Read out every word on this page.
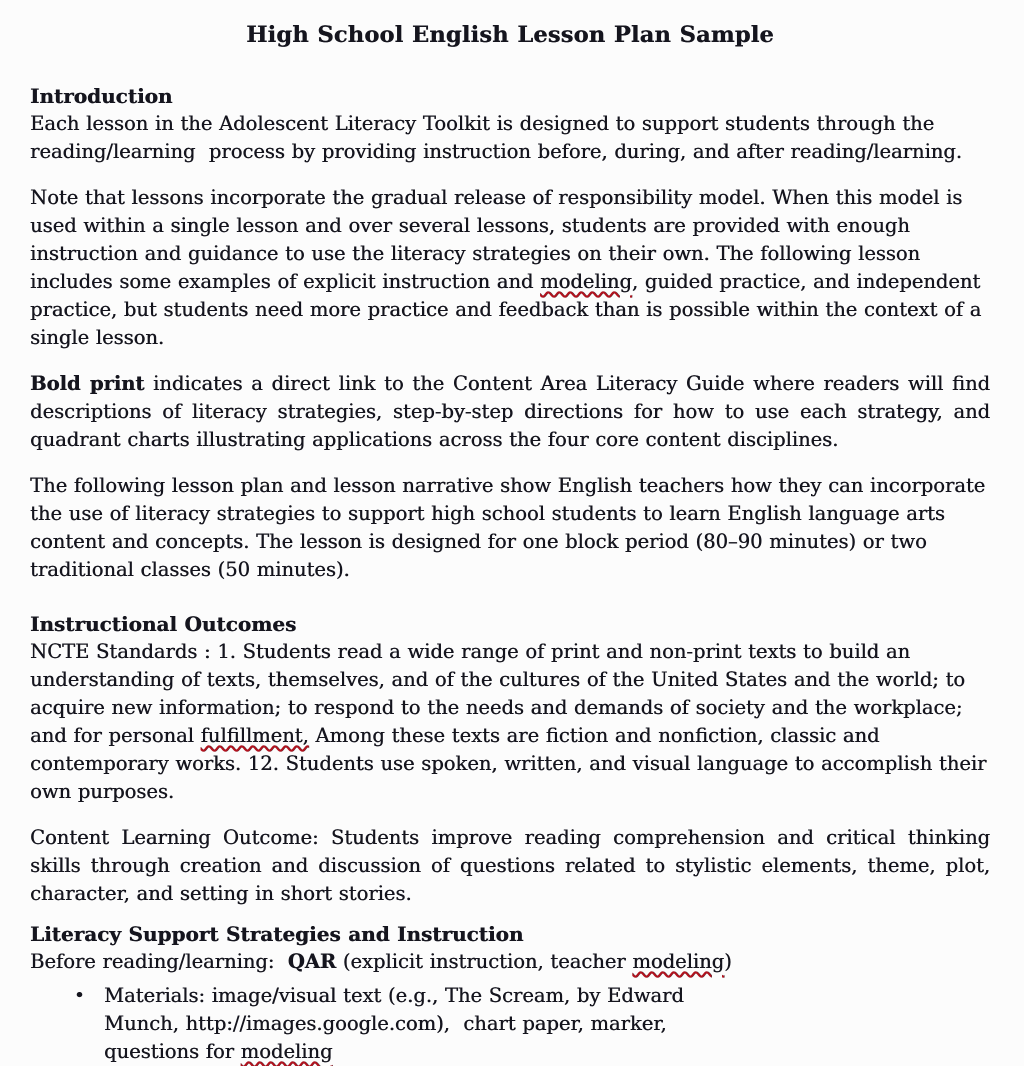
High School English Lesson Plan Sample
Introduction
Each lesson in the Adolescent Literacy Toolkit is designed to support students through the reading/learning  process by providing instruction before, during, and after reading/learning.
Note that lessons incorporate the gradual release of responsibility model. When this model is used within a single lesson and over several lessons, students are provided with enough instruction and guidance to use the literacy strategies on their own. The following lesson includes some examples of explicit instruction and modeling, guided practice, and independent practice, but students need more practice and feedback than is possible within the context of a single lesson.
Bold print indicates a direct link to the Content Area Literacy Guide where readers will find descriptions of literacy strategies, step-by-step directions for how to use each strategy, and quadrant charts illustrating applications across the four core content disciplines.
The following lesson plan and lesson narrative show English teachers how they can incorporate the use of literacy strategies to support high school students to learn English language arts content and concepts. The lesson is designed for one block period (80–90 minutes) or two traditional classes (50 minutes).
Instructional Outcomes
NCTE Standards : 1. Students read a wide range of print and non-print texts to build an understanding of texts, themselves, and of the cultures of the United States and the world; to acquire new information; to respond to the needs and demands of society and the workplace; and for personal fulfillment, Among these texts are fiction and nonfiction, classic and contemporary works. 12. Students use spoken, written, and visual language to accomplish their own purposes.
Content Learning Outcome: Students improve reading comprehension and critical thinking skills through creation and discussion of questions related to stylistic elements, theme, plot, character, and setting in short stories.
Literacy Support Strategies and Instruction
Before reading/learning:  QAR (explicit instruction, teacher modeling)
• Materials: image/visual text (e.g., The Scream, by Edward Munch, http://images.google.com),  chart paper, marker, questions for modeling
